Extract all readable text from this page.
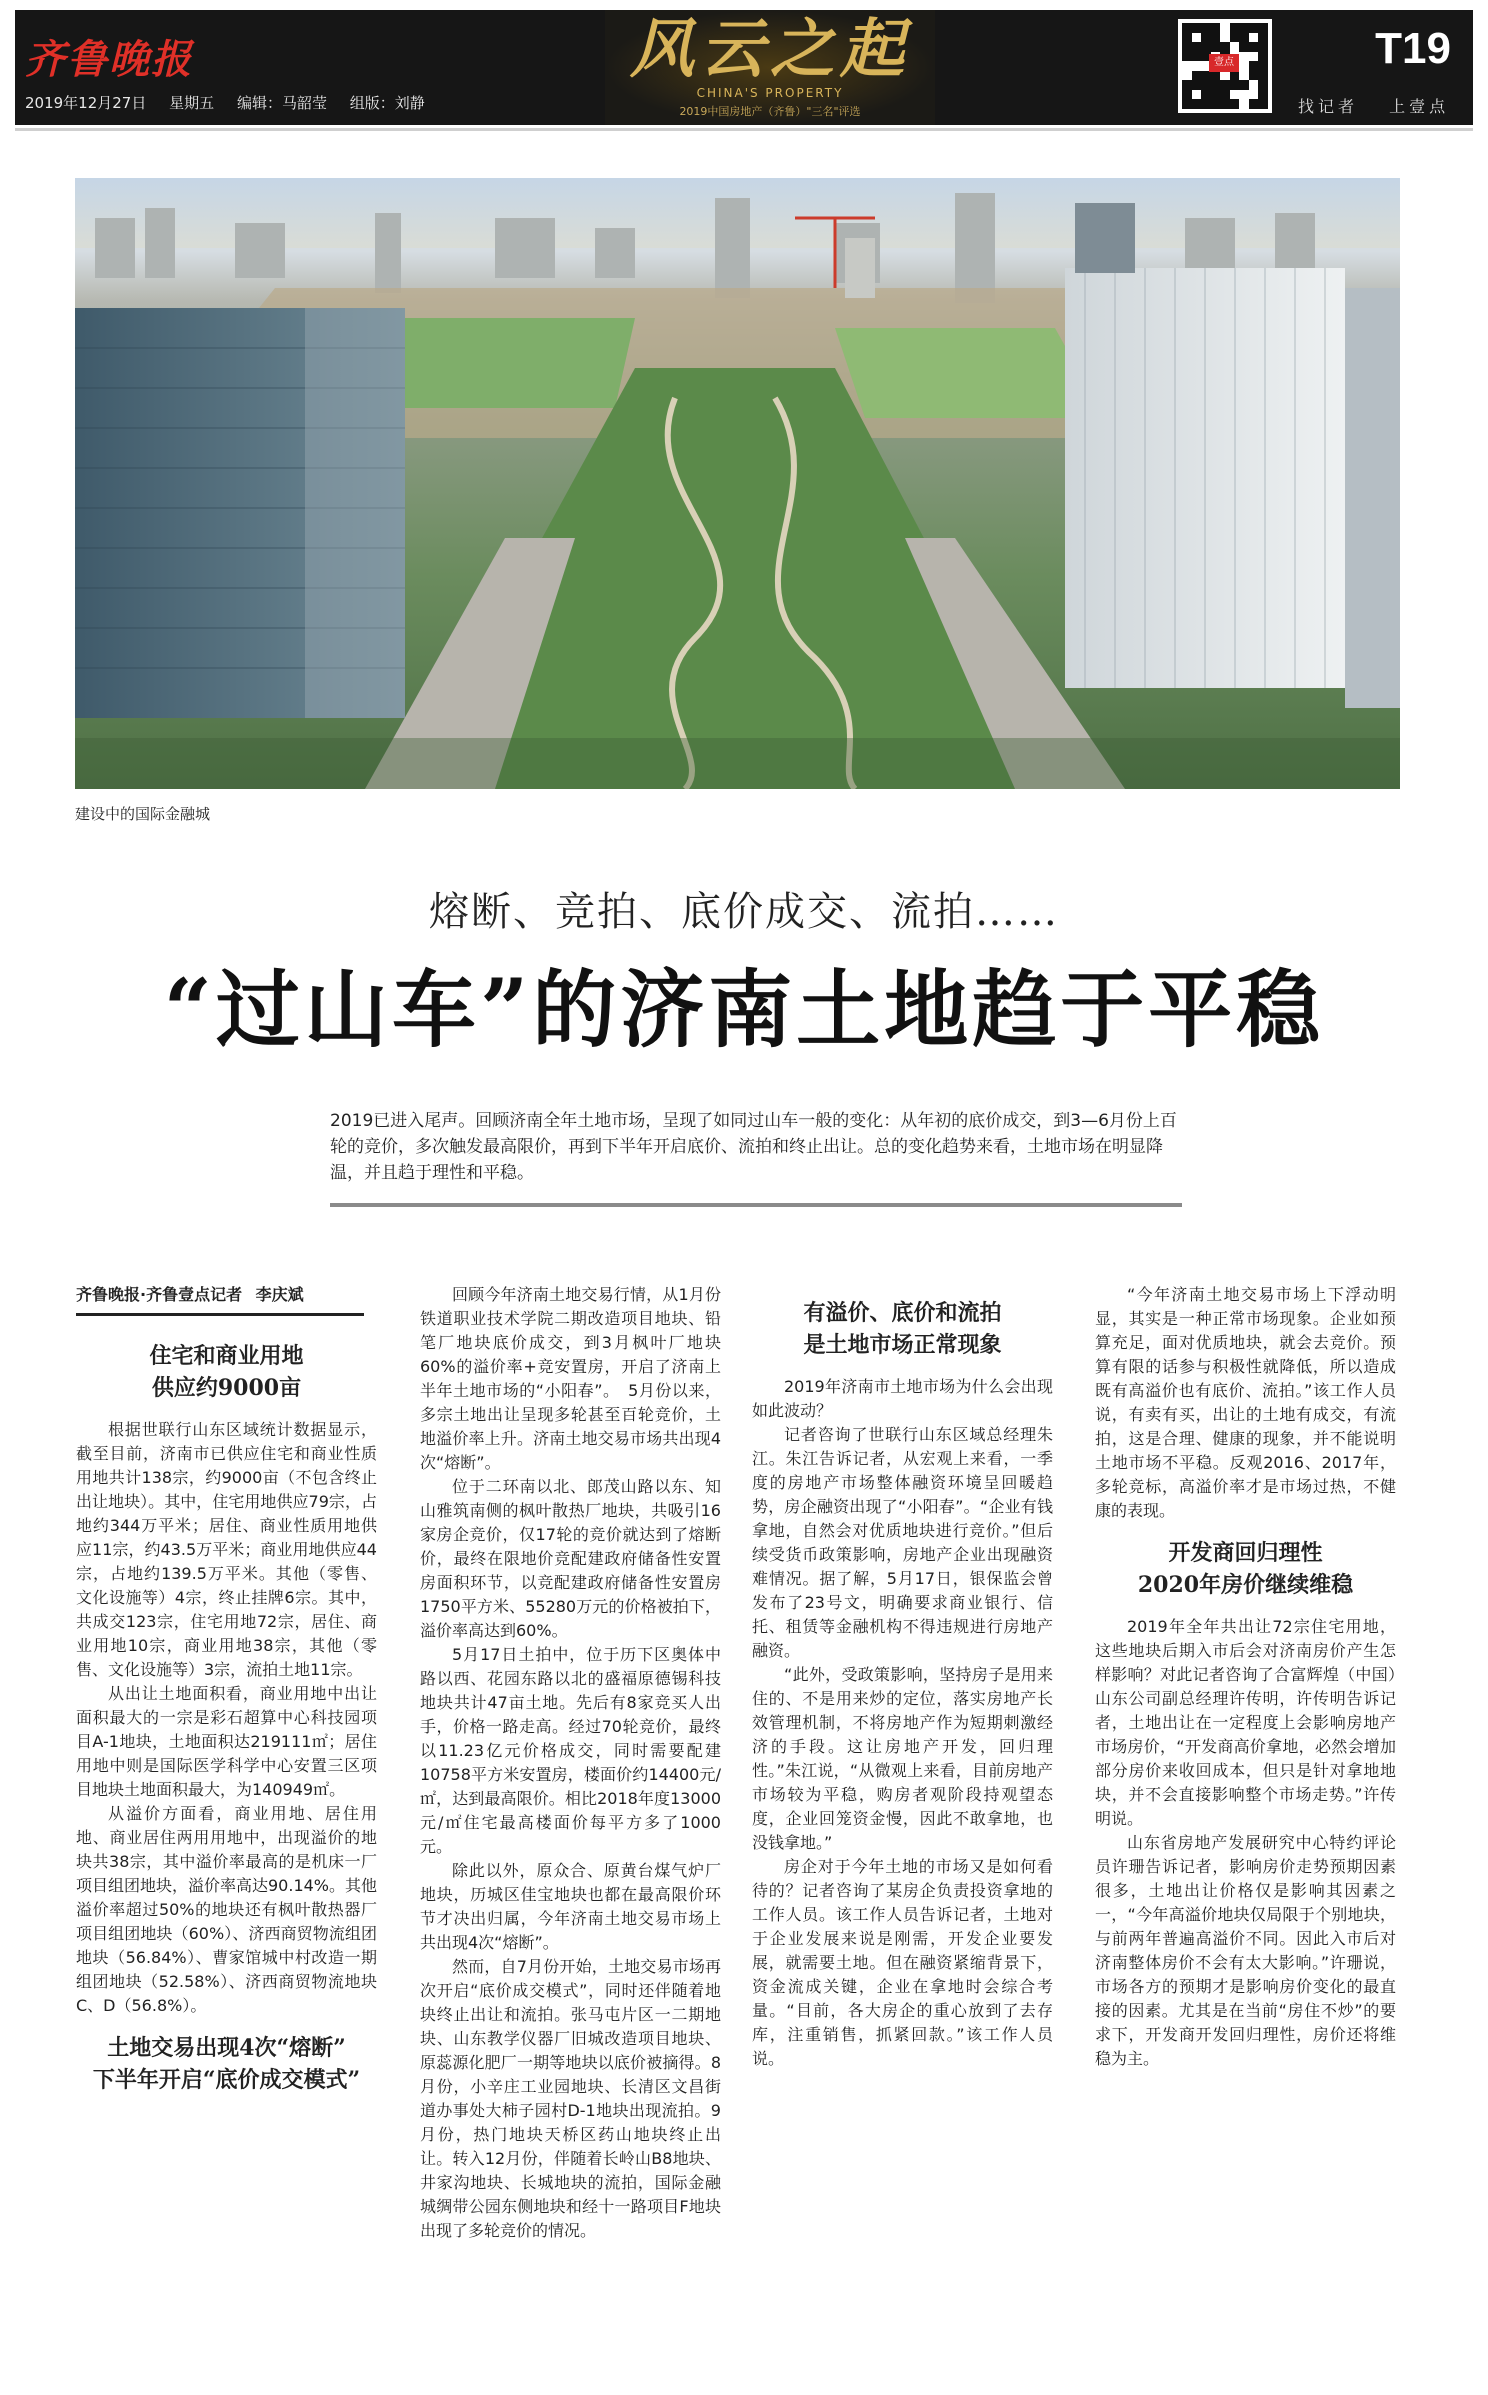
齐鲁晚报
2019年12月27日 星期五 编辑：马韶莹 组版：刘静
风云之起
CHINA'S PROPERTY
2019中国房地产（齐鲁）"三名"评选
壹点	T19
找记者 上壹点
建设中的国际金融城
熔断、竞拍、底价成交、流拍……
“过山车”的济南土地趋于平稳
2019已进入尾声。回顾济南全年土地市场，呈现了如同过山车一般的变化：从年初的底价成交，到3—6月份上百轮的竞价，多次触发最高限价，再到下半年开启底价、流拍和终止出让。总的变化趋势来看，土地市场在明显降温，并且趋于理性和平稳。
齐鲁晚报·齐鲁壹点记者 李庆斌
住宅和商业用地
供应约9000亩

根据世联行山东区域统计数据显示，截至目前，济南市已供应住宅和商业性质用地共计138宗，约9000亩（不包含终止出让地块）。其中，住宅用地供应79宗，占地约344万平米；居住、商业性质用地供应11宗，约43.5万平米；商业用地供应44宗，占地约139.5万平米。其他（零售、文化设施等）4宗，终止挂牌6宗。其中，共成交123宗，住宅用地72宗，居住、商业用地10宗，商业用地38宗，其他（零售、文化设施等）3宗，流拍土地11宗。

从出让土地面积看，商业用地中出让面积最大的一宗是彩石超算中心科技园项目A-1地块，土地面积达219111㎡；居住用地中则是国际医学科学中心安置三区项目地块土地面积最大，为140949㎡。

从溢价方面看，商业用地、居住用地、商业居住两用用地中，出现溢价的地块共38宗，其中溢价率最高的是机床一厂项目组团地块，溢价率高达90.14%。其他溢价率超过50%的地块还有枫叶散热器厂项目组团地块（60%）、济西商贸物流组团地块（56.84%）、曹家馆城中村改造一期组团地块（52.58%）、济西商贸物流地块C、D（56.8%）。

土地交易出现4次“熔断”
下半年开启“底价成交模式”

回顾今年济南土地交易行情，从1月份铁道职业技术学院二期改造项目地块、铅笔厂地块底价成交，到3月枫叶厂地块60%的溢价率+竞安置房，开启了济南上半年土地市场的“小阳春”。　5月份以来，多宗土地出让呈现多轮甚至百轮竞价，土地溢价率上升。济南土地交易市场共出现4次“熔断”。

位于二环南以北、郎茂山路以东、知山雅筑南侧的枫叶散热厂地块，共吸引16家房企竞价，仅17轮的竞价就达到了熔断价，最终在限地价竞配建政府储备性安置房面积环节，以竞配建政府储备性安置房1750平方米、55280万元的价格被拍下，溢价率高达到60%。

5月17日土拍中，位于历下区奥体中路以西、花园东路以北的盛福原德锡科技地块共计47亩土地。先后有8家竞买人出手，价格一路走高。经过70轮竞价，最终以11.23亿元价格成交，同时需要配建10758平方米安置房，楼面价约14400元/㎡，达到最高限价。相比2018年度13000元/㎡住宅最高楼面价每平方多了1000元。

除此以外，原众合、原黄台煤气炉厂地块，历城区佳宝地块也都在最高限价环节才决出归属，今年济南土地交易市场上共出现4次“熔断”。

然而，自7月份开始，土地交易市场再次开启“底价成交模式”，同时还伴随着地块终止出让和流拍。张马屯片区一二期地块、山东教学仪器厂旧城改造项目地块、原蕊源化肥厂一期等地块以底价被摘得。8月份，小辛庄工业园地块、长清区文昌街道办事处大柿子园村D-1地块出现流拍。9月份，热门地块天桥区药山地块终止出让。转入12月份，伴随着长岭山B8地块、井家沟地块、长城地块的流拍，国际金融城绸带公园东侧地块和经十一路项目F地块出现了多轮竞价的情况。

有溢价、底价和流拍
是土地市场正常现象

2019年济南市土地市场为什么会出现如此波动？

记者咨询了世联行山东区域总经理朱江。朱江告诉记者，从宏观上来看，一季度的房地产市场整体融资环境呈回暖趋势，房企融资出现了“小阳春”。“企业有钱拿地，自然会对优质地块进行竞价。”但后续受货币政策影响，房地产企业出现融资难情况。据了解，5月17日，银保监会曾发布了23号文，明确要求商业银行、信托、租赁等金融机构不得违规进行房地产融资。

“此外，受政策影响，坚持房子是用来住的、不是用来炒的定位，落实房地产长效管理机制，不将房地产作为短期刺激经济的手段。这让房地产开发，回归理性。”朱江说，“从微观上来看，目前房地产市场较为平稳，购房者观阶段持观望态度，企业回笼资金慢，因此不敢拿地，也没钱拿地。”

房企对于今年土地的市场又是如何看待的？记者咨询了某房企负责投资拿地的工作人员。该工作人员告诉记者，土地对于企业发展来说是刚需，开发企业要发展，就需要土地。但在融资紧缩背景下，资金流成关键，企业在拿地时会综合考量。“目前，各大房企的重心放到了去存库，注重销售，抓紧回款。”该工作人员说。

“今年济南土地交易市场上下浮动明显，其实是一种正常市场现象。企业如预算充足，面对优质地块，就会去竞价。预算有限的话参与积极性就降低，所以造成既有高溢价也有底价、流拍。”该工作人员说，有卖有买，出让的土地有成交，有流拍，这是合理、健康的现象，并不能说明土地市场不平稳。反观2016、2017年，多轮竞标，高溢价率才是市场过热，不健康的表现。

开发商回归理性
2020年房价继续维稳

2019年全年共出让72宗住宅用地，这些地块后期入市后会对济南房价产生怎样影响？对此记者咨询了合富辉煌（中国）山东公司副总经理许传明，许传明告诉记者，土地出让在一定程度上会影响房地产市场房价，“开发商高价拿地，必然会增加部分房价来收回成本，但只是针对拿地地块，并不会直接影响整个市场走势。”许传明说。

山东省房地产发展研究中心特约评论员许珊告诉记者，影响房价走势预期因素很多，土地出让价格仅是影响其因素之一，“今年高溢价地块仅局限于个别地块，与前两年普遍高溢价不同。因此入市后对济南整体房价不会有太大影响。”许珊说，市场各方的预期才是影响房价变化的最直接的因素。尤其是在当前“房住不炒”的要求下，开发商开发回归理性，房价还将维稳为主。
